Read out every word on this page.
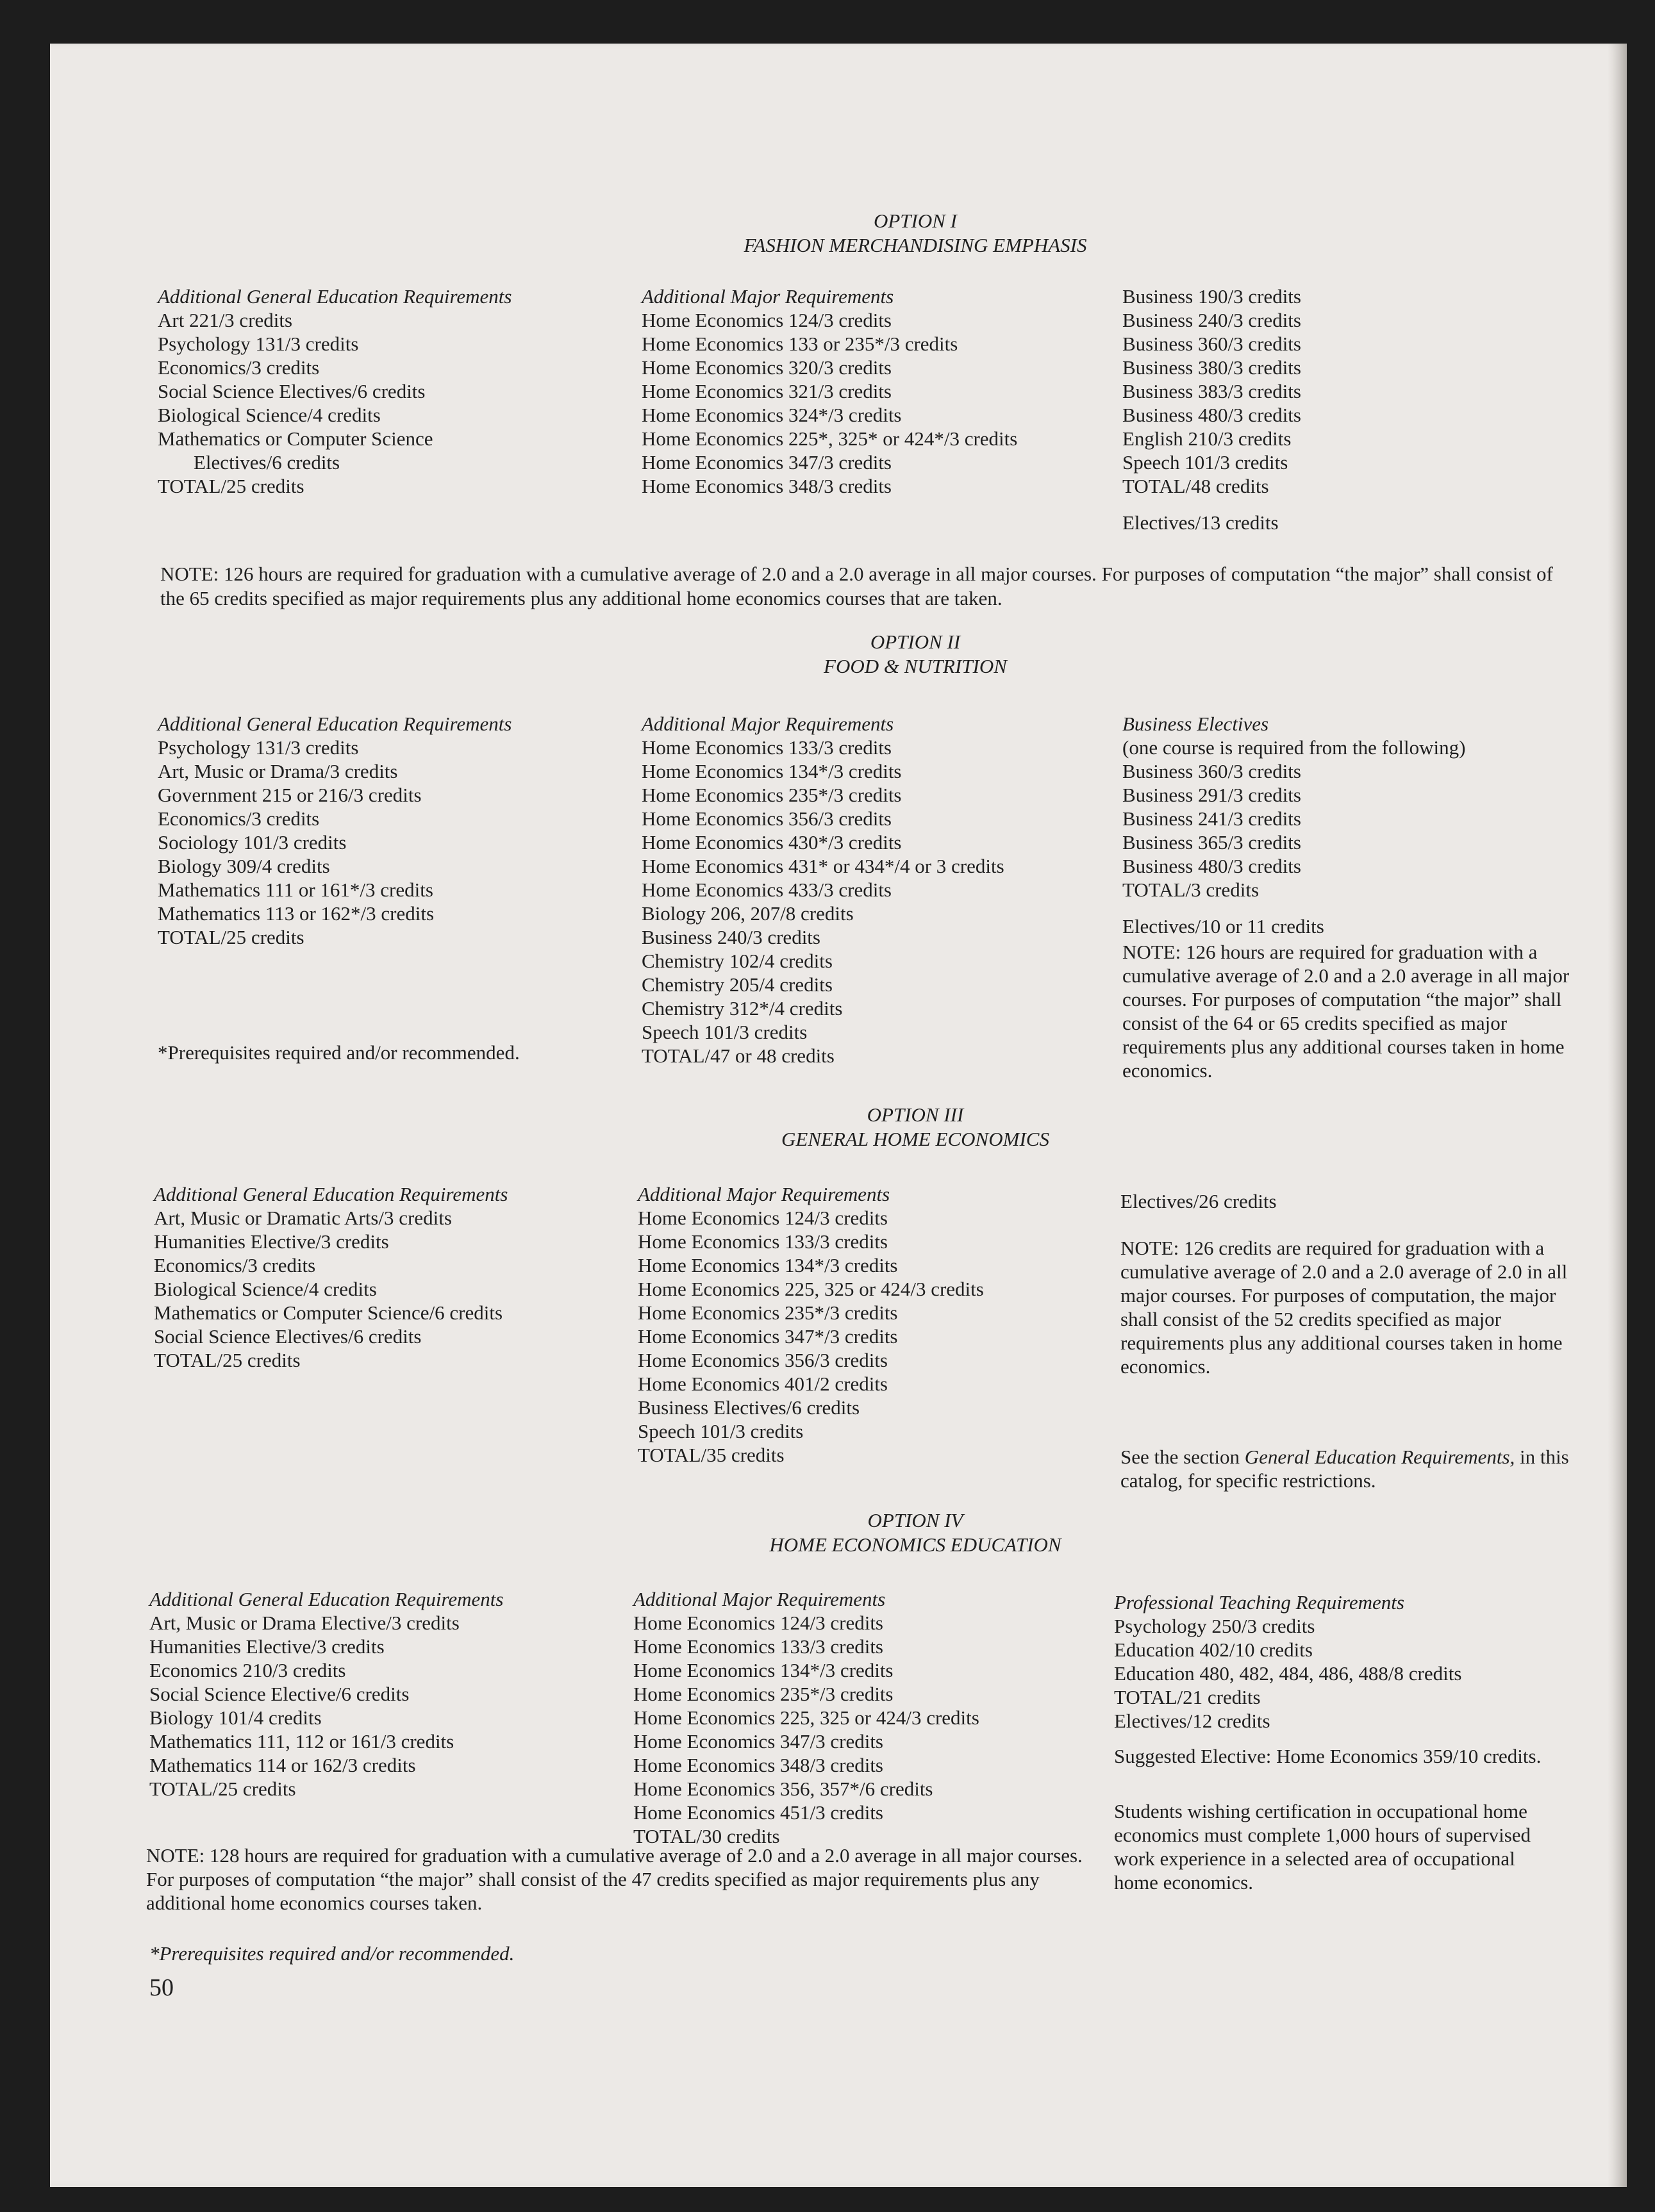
OPTION I
FASHION MERCHANDISING EMPHASIS
Additional General Education Requirements
Art 221/3 credits
Psychology 131/3 credits
Economics/3 credits
Social Science Electives/6 credits
Biological Science/4 credits
Mathematics or Computer Science
Electives/6 credits
TOTAL/25 credits
Additional Major Requirements
Home Economics 124/3 credits
Home Economics 133 or 235*/3 credits
Home Economics 320/3 credits
Home Economics 321/3 credits
Home Economics 324*/3 credits
Home Economics 225*, 325* or 424*/3 credits
Home Economics 347/3 credits
Home Economics 348/3 credits
Business 190/3 credits
Business 240/3 credits
Business 360/3 credits
Business 380/3 credits
Business 383/3 credits
Business 480/3 credits
English 210/3 credits
Speech 101/3 credits
TOTAL/48 credits
Electives/13 credits

NOTE: 126 hours are required for graduation with a cumulative average of 2.0 and a 2.0 average in all major courses. For purposes of computation “the major” shall consist of the 65 credits specified as major requirements plus any additional home economics courses that are taken.

OPTION II
FOOD & NUTRITION
Additional General Education Requirements
Psychology 131/3 credits
Art, Music or Drama/3 credits
Government 215 or 216/3 credits
Economics/3 credits
Sociology 101/3 credits
Biology 309/4 credits
Mathematics 111 or 161*/3 credits
Mathematics 113 or 162*/3 credits
TOTAL/25 credits
*Prerequisites required and/or recommended.
Additional Major Requirements
Home Economics 133/3 credits
Home Economics 134*/3 credits
Home Economics 235*/3 credits
Home Economics 356/3 credits
Home Economics 430*/3 credits
Home Economics 431* or 434*/4 or 3 credits
Home Economics 433/3 credits
Biology 206, 207/8 credits
Business 240/3 credits
Chemistry 102/4 credits
Chemistry 205/4 credits
Chemistry 312*/4 credits
Speech 101/3 credits
TOTAL/47 or 48 credits
Business Electives
(one course is required from the following)
Business 360/3 credits
Business 291/3 credits
Business 241/3 credits
Business 365/3 credits
Business 480/3 credits
TOTAL/3 credits
Electives/10 or 11 credits

NOTE: 126 hours are required for graduation with a cumulative average of 2.0 and a 2.0 average in all major courses. For purposes of computation “the major” shall consist of the 64 or 65 credits specified as major requirements plus any additional courses taken in home economics.

OPTION III
GENERAL HOME ECONOMICS
Additional General Education Requirements
Art, Music or Dramatic Arts/3 credits
Humanities Elective/3 credits
Economics/3 credits
Biological Science/4 credits
Mathematics or Computer Science/6 credits
Social Science Electives/6 credits
TOTAL/25 credits
Additional Major Requirements
Home Economics 124/3 credits
Home Economics 133/3 credits
Home Economics 134*/3 credits
Home Economics 225, 325 or 424/3 credits
Home Economics 235*/3 credits
Home Economics 347*/3 credits
Home Economics 356/3 credits
Home Economics 401/2 credits
Business Electives/6 credits
Speech 101/3 credits
TOTAL/35 credits
Electives/26 credits

NOTE: 126 credits are required for graduation with a cumulative average of 2.0 and a 2.0 average of 2.0 in all major courses. For purposes of computation, the major shall consist of the 52 credits specified as major requirements plus any additional courses taken in home economics.

See the section General Education Requirements, in this catalog, for specific restrictions.

OPTION IV
HOME ECONOMICS EDUCATION
Additional General Education Requirements
Art, Music or Drama Elective/3 credits
Humanities Elective/3 credits
Economics 210/3 credits
Social Science Elective/6 credits
Biology 101/4 credits
Mathematics 111, 112 or 161/3 credits
Mathematics 114 or 162/3 credits
TOTAL/25 credits
Additional Major Requirements
Home Economics 124/3 credits
Home Economics 133/3 credits
Home Economics 134*/3 credits
Home Economics 235*/3 credits
Home Economics 225, 325 or 424/3 credits
Home Economics 347/3 credits
Home Economics 348/3 credits
Home Economics 356, 357*/6 credits
Home Economics 451/3 credits
TOTAL/30 credits
Professional Teaching Requirements
Psychology 250/3 credits
Education 402/10 credits
Education 480, 482, 484, 486, 488/8 credits
TOTAL/21 credits
Electives/12 credits

Suggested Elective: Home Economics 359/10 credits.

Students wishing certification in occupational home economics must complete 1,000 hours of supervised work experience in a selected area of occupational home economics.

NOTE: 128 hours are required for graduation with a cumulative average of 2.0 and a 2.0 average in all major courses. For purposes of computation “the major” shall consist of the 47 credits specified as major requirements plus any additional home economics courses taken.

*Prerequisites required and/or recommended.
50
